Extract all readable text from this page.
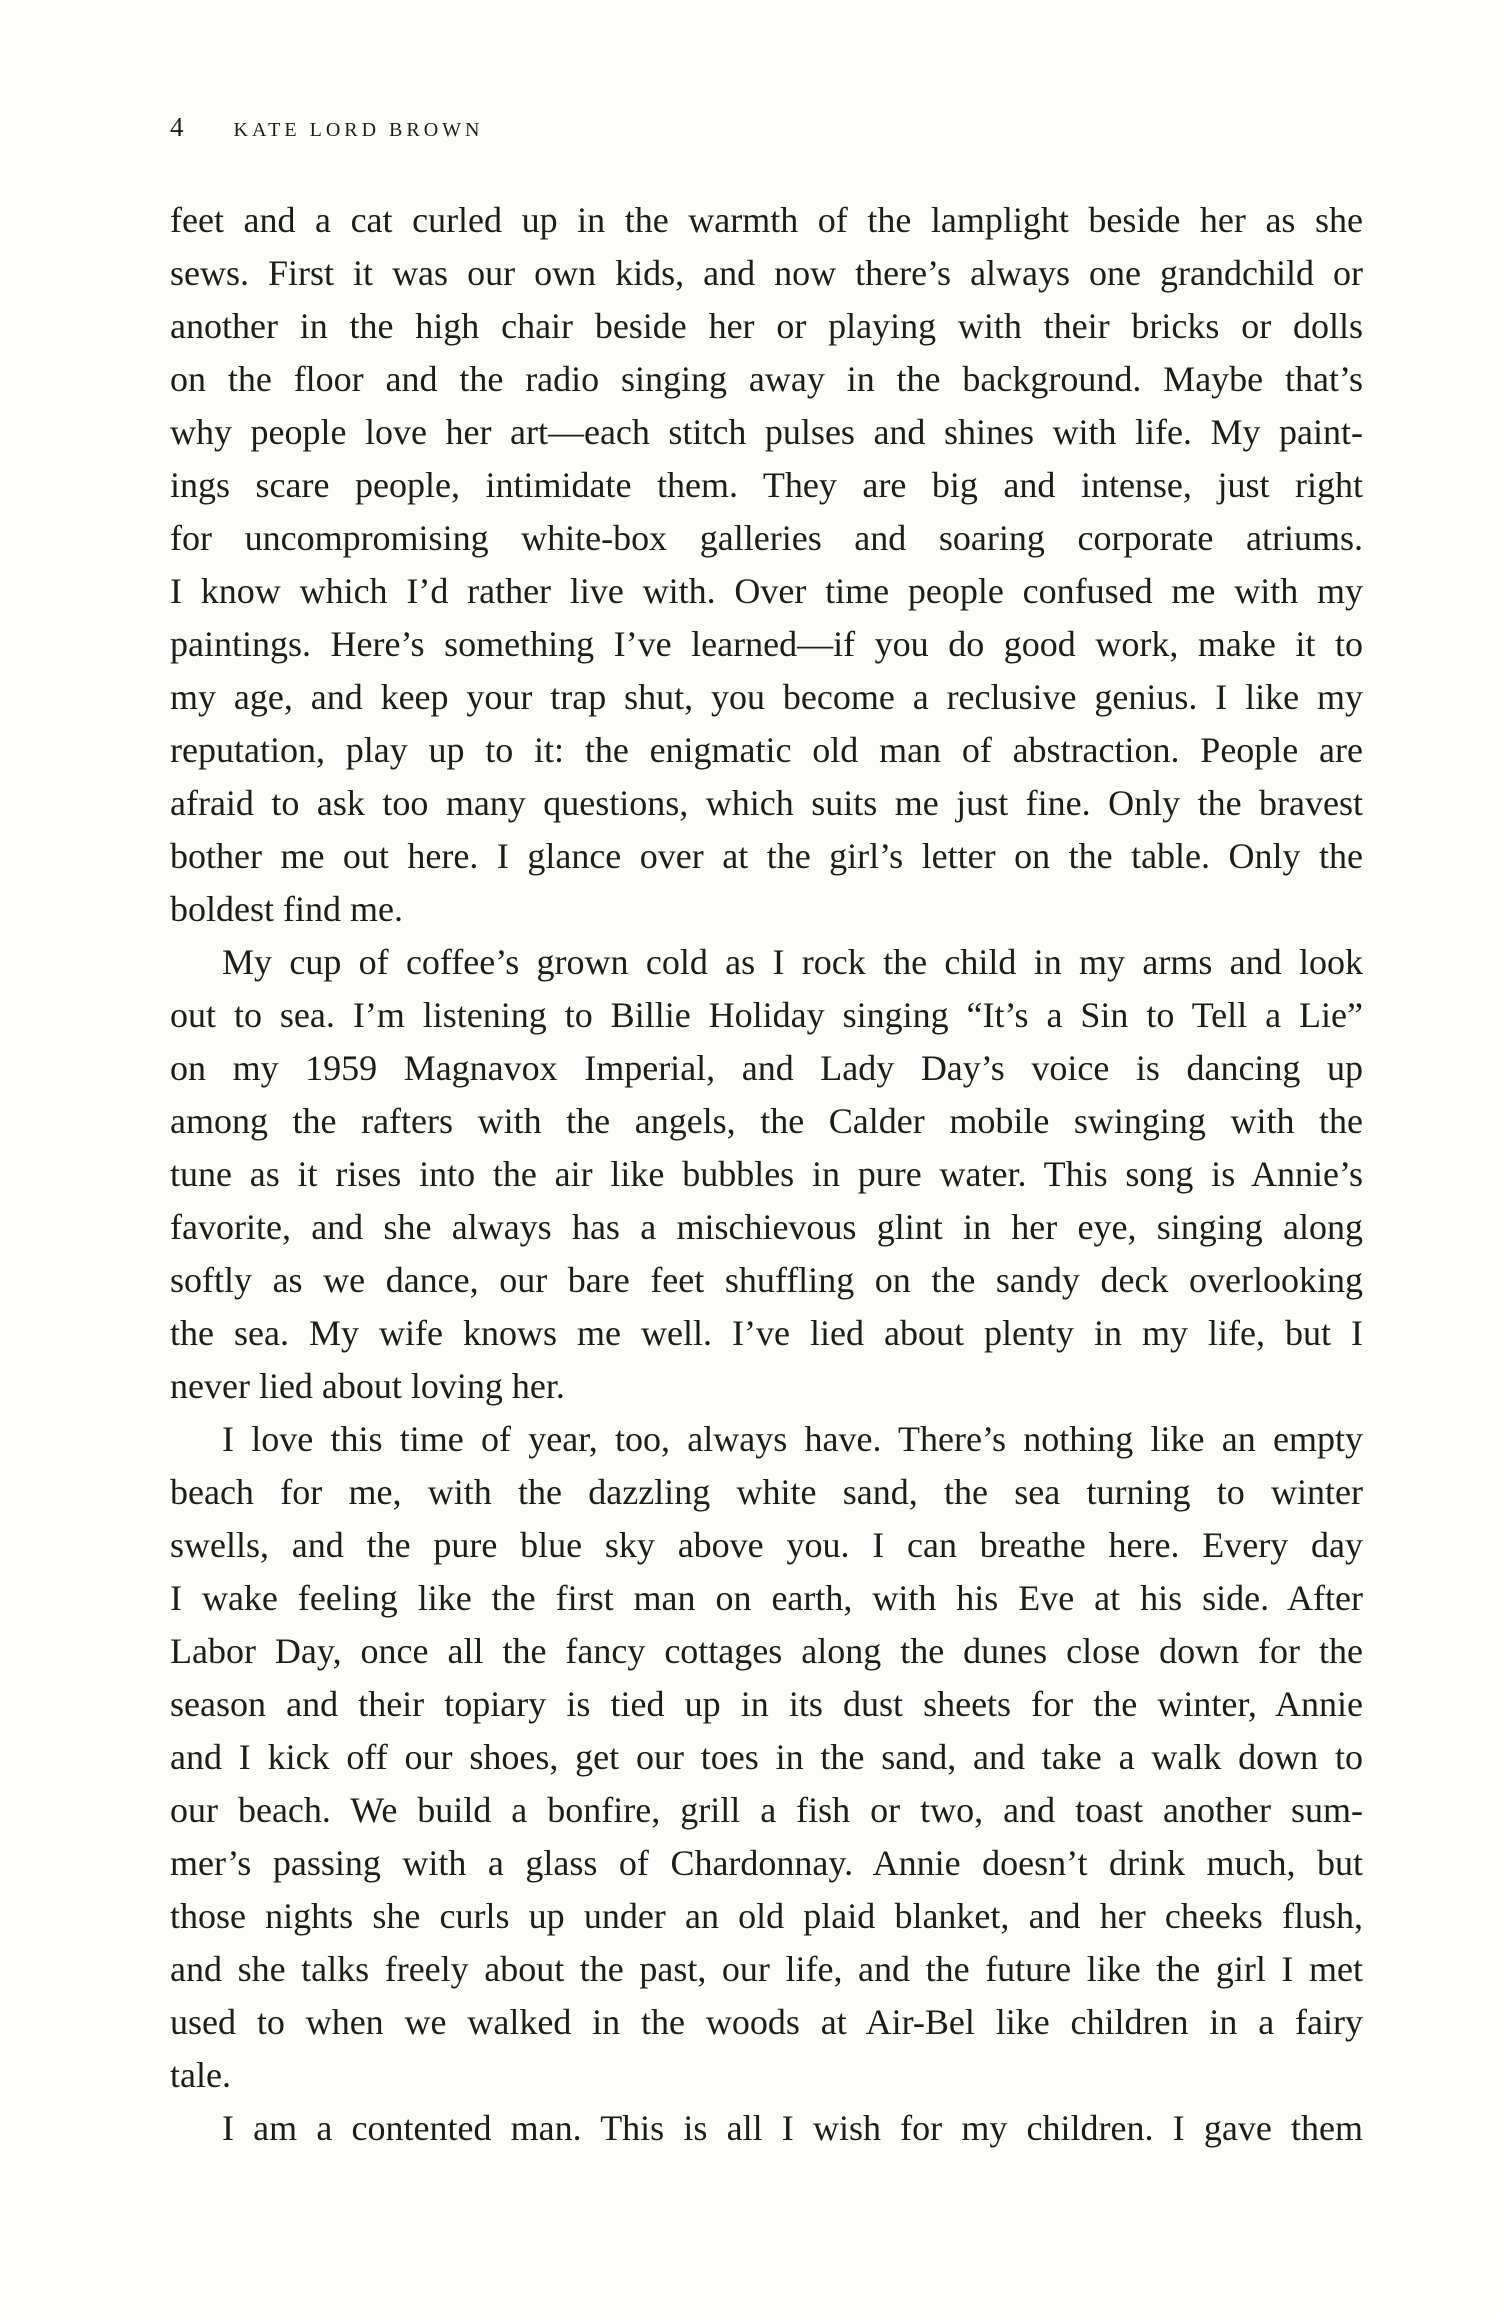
4	KATE LORD BROWN
feet and a cat curled up in the warmth of the lamplight beside her as she
sews. First it was our own kids, and now there’s always one grandchild or
another in the high chair beside her or playing with their bricks or dolls
on the floor and the radio singing away in the background. Maybe that’s
why people love her art—each stitch pulses and shines with life. My paint-
ings scare people, intimidate them. They are big and intense, just right
for uncompromising white-box galleries and soaring corporate atriums.
I know which I’d rather live with. Over time people confused me with my
paintings. Here’s something I’ve learned—if you do good work, make it to
my age, and keep your trap shut, you become a reclusive genius. I like my
reputation, play up to it: the enigmatic old man of abstraction. People are
afraid to ask too many questions, which suits me just fine. Only the bravest
bother me out here. I glance over at the girl’s letter on the table. Only the
boldest find me.
My cup of coffee’s grown cold as I rock the child in my arms and look
out to sea. I’m listening to Billie Holiday singing “It’s a Sin to Tell a Lie”
on my 1959 Magnavox Imperial, and Lady Day’s voice is dancing up
among the rafters with the angels, the Calder mobile swinging with the
tune as it rises into the air like bubbles in pure water. This song is Annie’s
favorite, and she always has a mischievous glint in her eye, singing along
softly as we dance, our bare feet shuffling on the sandy deck overlooking
the sea. My wife knows me well. I’ve lied about plenty in my life, but I
never lied about loving her.
I love this time of year, too, always have. There’s nothing like an empty
beach for me, with the dazzling white sand, the sea turning to winter
swells, and the pure blue sky above you. I can breathe here. Every day
I wake feeling like the first man on earth, with his Eve at his side. After
Labor Day, once all the fancy cottages along the dunes close down for the
season and their topiary is tied up in its dust sheets for the winter, Annie
and I kick off our shoes, get our toes in the sand, and take a walk down to
our beach. We build a bonfire, grill a fish or two, and toast another sum-
mer’s passing with a glass of Chardonnay. Annie doesn’t drink much, but
those nights she curls up under an old plaid blanket, and her cheeks flush,
and she talks freely about the past, our life, and the future like the girl I met
used to when we walked in the woods at Air-Bel like children in a fairy
tale.
I am a contented man. This is all I wish for my children. I gave them
